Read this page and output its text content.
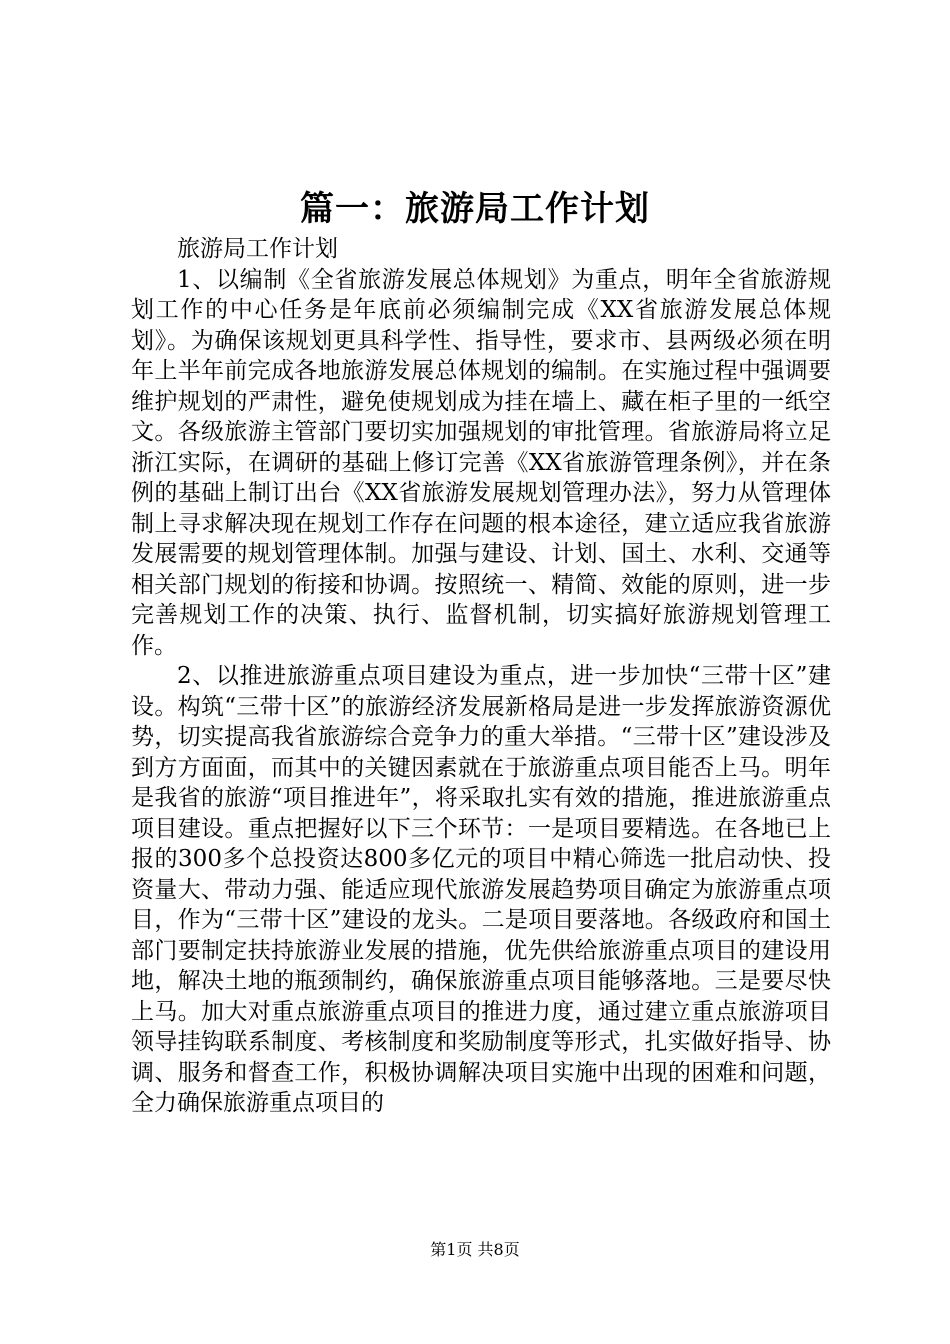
篇一：旅游局工作计划

旅游局工作计划

1、以编制《全省旅游发展总体规划》为重点，明年全省旅游规划工作的中心任务是年底前必须编制完成《XX省旅游发展总体规划》。为确保该规划更具科学性、指导性，要求市、县两级必须在明年上半年前完成各地旅游发展总体规划的编制。在实施过程中强调要维护规划的严肃性，避免使规划成为挂在墙上、藏在柜子里的一纸空文。各级旅游主管部门要切实加强规划的审批管理。省旅游局将立足浙江实际，在调研的基础上修订完善《XX省旅游管理条例》，并在条例的基础上制订出台《XX省旅游发展规划管理办法》，努力从管理体制上寻求解决现在规划工作存在问题的根本途径，建立适应我省旅游发展需要的规划管理体制。加强与建设、计划、国土、水利、交通等相关部门规划的衔接和协调。按照统一、精简、效能的原则，进一步完善规划工作的决策、执行、监督机制，切实搞好旅游规划管理工作。

2、以推进旅游重点项目建设为重点，进一步加快“三带十区”建设。构筑“三带十区”的旅游经济发展新格局是进一步发挥旅游资源优势，切实提高我省旅游综合竞争力的重大举措。“三带十区”建设涉及到方方面面，而其中的关键因素就在于旅游重点项目能否上马。明年是我省的旅游“项目推进年”，将采取扎实有效的措施，推进旅游重点项目建设。重点把握好以下三个环节：一是项目要精选。在各地已上报的300多个总投资达800多亿元的项目中精心筛选一批启动快、投资量大、带动力强、能适应现代旅游发展趋势项目确定为旅游重点项目，作为“三带十区”建设的龙头。二是项目要落地。各级政府和国土部门要制定扶持旅游业发展的措施，优先供给旅游重点项目的建设用地，解决土地的瓶颈制约，确保旅游重点项目能够落地。三是要尽快上马。加大对重点旅游重点项目的推进力度，通过建立重点旅游项目领导挂钩联系制度、考核制度和奖励制度等形式，扎实做好指导、协调、服务和督查工作，积极协调解决项目实施中出现的困难和问题，全力确保旅游重点项目的

第1页 共8页
